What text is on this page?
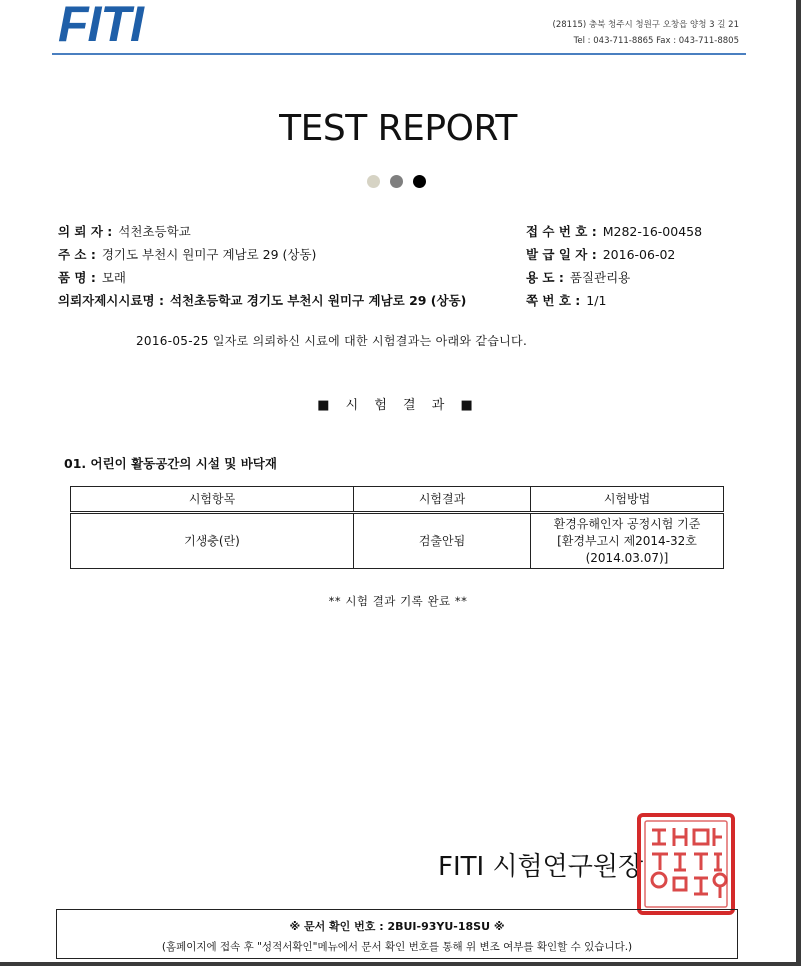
FITI	(28115) 충북 청주시 청원구 오창읍 양청 3 길 21
Tel : 043-711-8865 Fax : 043-711-8805
TEST REPORT
의 뢰 자 : 석천초등학교
주 소 : 경기도 부천시 원미구 계남로 29 (상동)
품 명 : 모래
의뢰자제시시료명 : 석천초등학교 경기도 부천시 원미구 계남로 29 (상동)
접 수 번 호 : M282-16-00458
발 급 일 자 : 2016-06-02
용 도 : 품질관리용
쪽 번 호 : 1/1
2016-05-25 일자로 의뢰하신 시료에 대한 시험결과는 아래와 같습니다.
■ 시 험 결 과 ■
01. 어린이 활동공간의 시설 및 바닥재
시험항목	시험결과	시험방법
기생충(란)	검출안됨	환경유해인자 공정시험 기준
[환경부고시 제2014-32호
(2014.03.07)]
** 시험 결과 기록 완료 **
FITI 시험연구원장
※ 문서 확인 번호 : 2BUI-93YU-18SU ※
(홈페이지에 접속 후 "성적서확인"메뉴에서 문서 확인 번호를 통해 위 변조 여부를 확인할 수 있습니다.)
